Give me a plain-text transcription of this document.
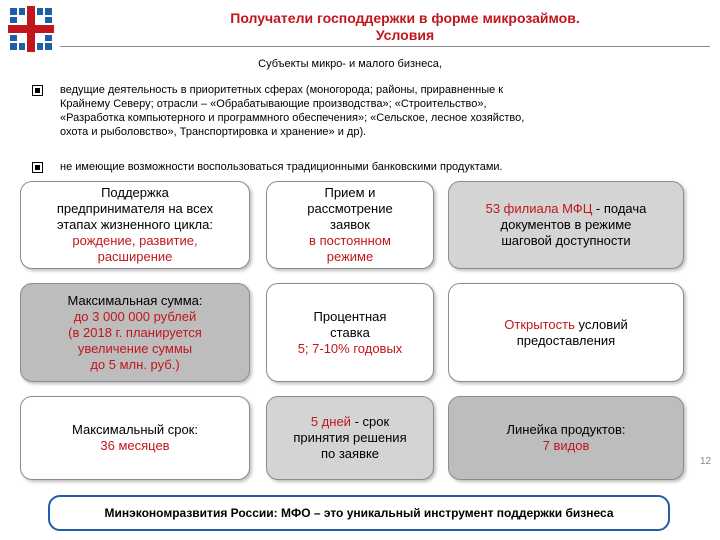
Получатели господдержки в форме микрозаймов.
Условия
Субъекты микро- и малого бизнеса,
ведущие деятельность в приоритетных сферах (моногорода; районы, приравненные к
Крайнему Северу; отрасли – «Обрабатывающие производства»; «Строительство»,
«Разработка компьютерного и программного обеспечения»; «Сельское, лесное хозяйство,
охота и рыболовство», Транспортировка и хранение» и др).
не имеющие возможности воспользоваться традиционными банковскими продуктами.
Поддержка
предпринимателя на всех
этапах жизненного цикла:
рождение, развитие,
расширение
Прием и
рассмотрение
заявок
в постоянном
режиме
53 филиала МФЦ - подача
документов в режиме
шаговой доступности
Максимальная сумма:
до 3 000 000 рублей
(в 2018 г. планируется
увеличение суммы
до 5 млн. руб.)
Процентная
ставка
5; 7-10% годовых
Открытость условий
предоставления
Максимальный срок:
36 месяцев
5 дней - срок
принятия решения
по заявке
Линейка продуктов:
7 видов
Минэкономразвития России: МФО – это уникальный инструмент поддержки бизнеса
12
